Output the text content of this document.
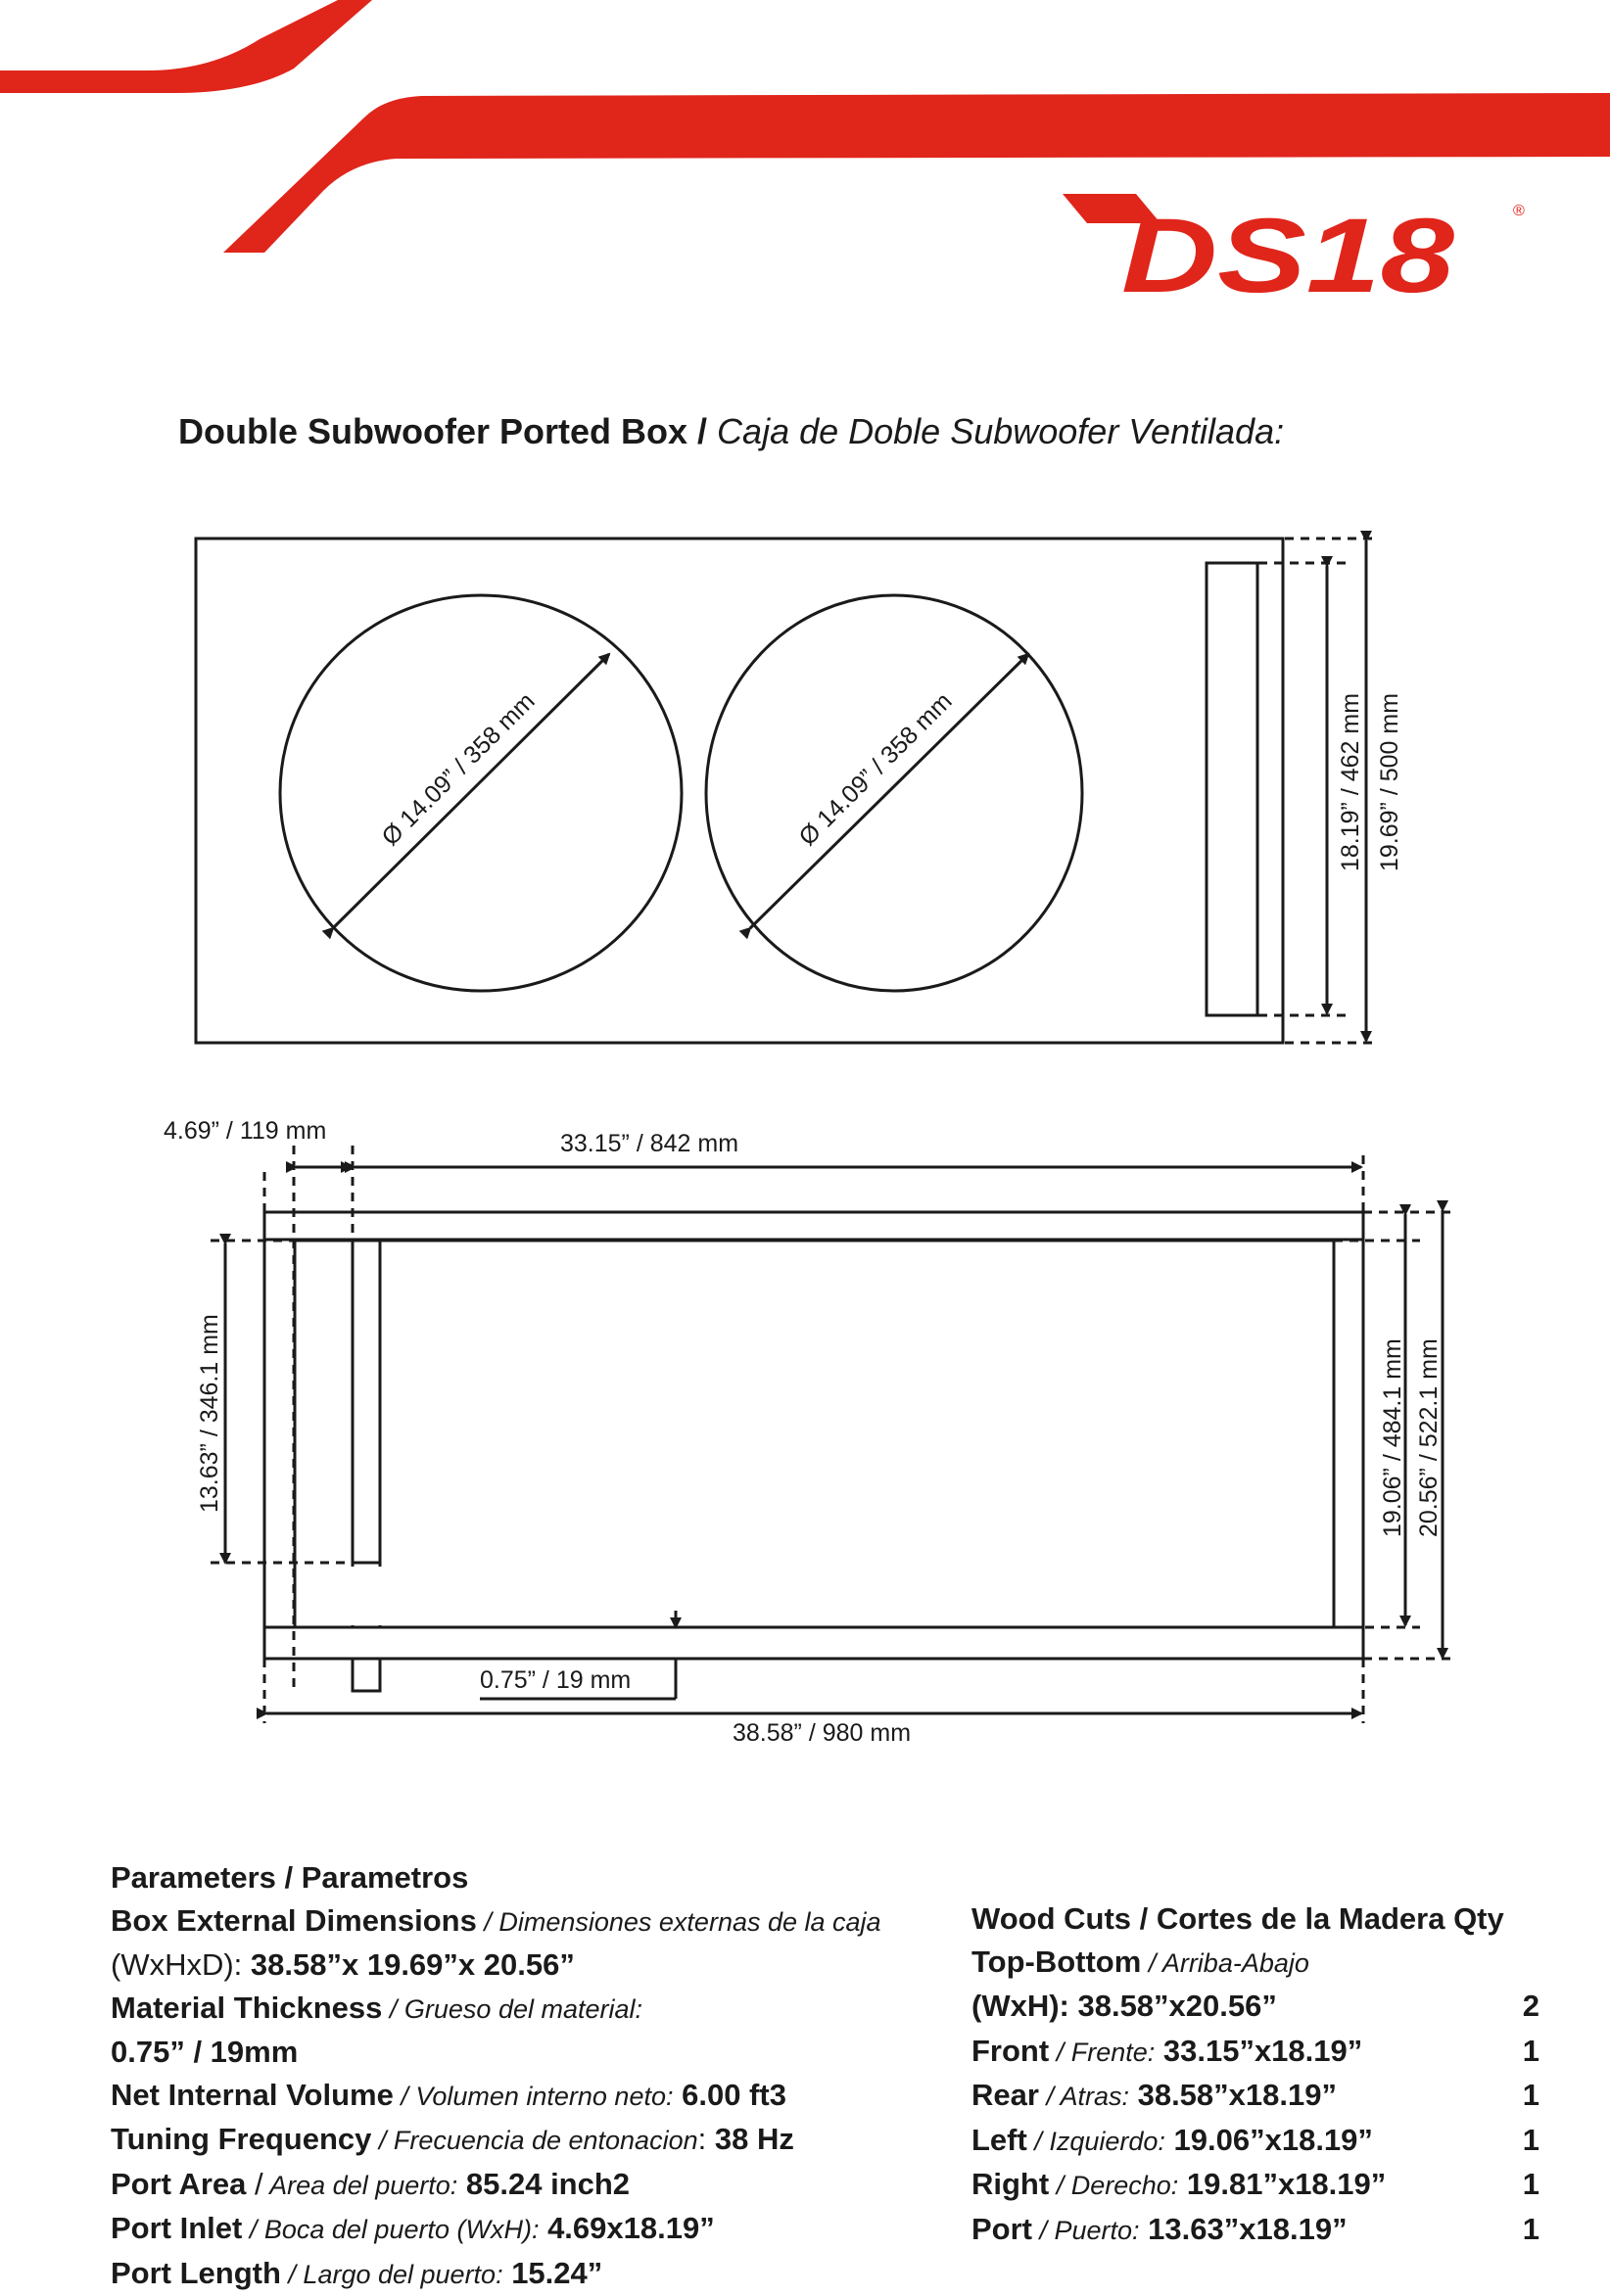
DS18	®
Double Subwoofer Ported Box / Caja de Doble Subwoofer Ventilada:
Ø 14.09” / 358 mm	Ø 14.09” / 358 mm	18.19” / 462 mm 19.69” / 500 mm
4.69” / 119 mm	33.15” / 842 mm
13.63” / 346.1 mm	19.06” / 484.1 mm 20.56” / 522.1 mm
0.75” / 19 mm
38.58” / 980 mm
Parameters / Parametros
Box External Dimensions / Dimensiones externas de la caja
(WxHxD): 38.58”x 19.69”x 20.56”
Material Thickness / Grueso del material:
0.75” / 19mm
Net Internal Volume / Volumen interno neto: 6.00 ft3
Tuning Frequency / Frecuencia de entonacion: 38 Hz
Port Area / Area del puerto: 85.24 inch2
Port Inlet / Boca del puerto (WxH): 4.69x18.19”
Port Length / Largo del puerto: 15.24”
Wood Cuts / Cortes de la Madera Qty
Top-Bottom / Arriba-Abajo
(WxH): 38.58”x20.56”	2
Front / Frente: 33.15”x18.19”	1
Rear / Atras: 38.58”x18.19”	1
Left / Izquierdo: 19.06”x18.19”	1
Right / Derecho: 19.81”x18.19”	1
Port / Puerto: 13.63”x18.19”	1
